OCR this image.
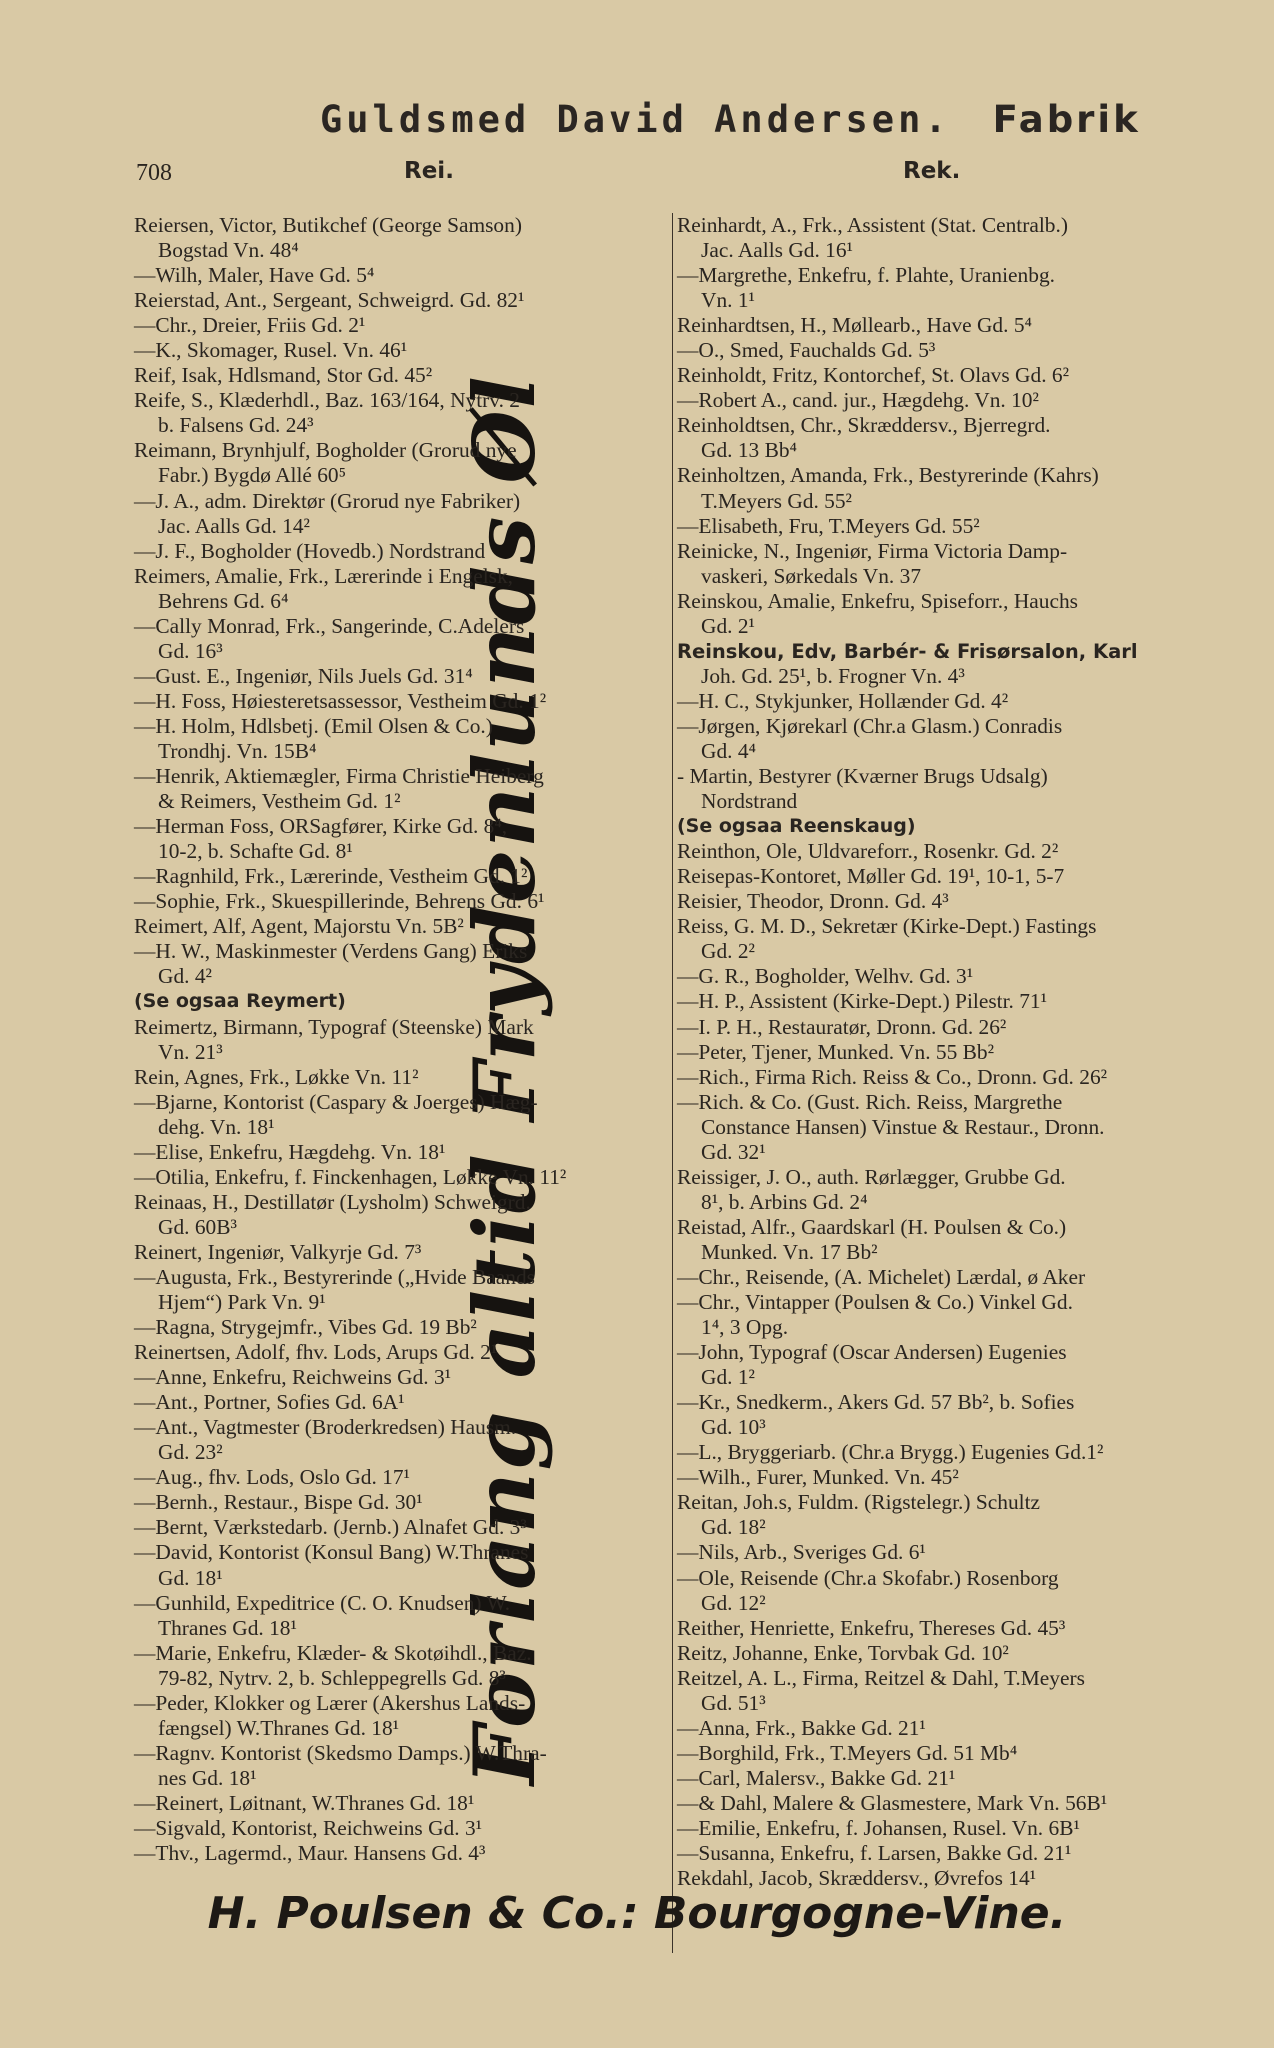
Guldsmed David Andersen. Fabrik
708	Rei.	Rek.
Forlang altid Frydenlunds Øl
Reiersen, Victor, Butikchef (George Samson)
Bogstad Vn. 48⁴
—Wilh, Maler, Have Gd. 5⁴
Reierstad, Ant., Sergeant, Schweigrd. Gd. 82¹
—Chr., Dreier, Friis Gd. 2¹
—K., Skomager, Rusel. Vn. 46¹
Reif, Isak, Hdlsmand, Stor Gd. 45²
Reife, S., Klæderhdl., Baz. 163/164, Nytrv. 2
b. Falsens Gd. 24³
Reimann, Brynhjulf, Bogholder (Grorud nye
Fabr.) Bygdø Allé 60⁵
—J. A., adm. Direktør (Grorud nye Fabriker)
Jac. Aalls Gd. 14²
—J. F., Bogholder (Hovedb.) Nordstrand
Reimers, Amalie, Frk., Lærerinde i Engelsk,
Behrens Gd. 6⁴
—Cally Monrad, Frk., Sangerinde, C.Adelers
Gd. 16³
—Gust. E., Ingeniør, Nils Juels Gd. 31⁴
—H. Foss, Høiesteretsassessor, Vestheim Gd. 1²
—H. Holm, Hdlsbetj. (Emil Olsen & Co.)
Trondhj. Vn. 15B⁴
—Henrik, Aktiemægler, Firma Christie Heiberg
& Reimers, Vestheim Gd. 1²
—Herman Foss, ORSagfører, Kirke Gd. 8⁴,
10-2, b. Schafte Gd. 8¹
—Ragnhild, Frk., Lærerinde, Vestheim Gd. 1²
—Sophie, Frk., Skuespillerinde, Behrens Gd. 6¹
Reimert, Alf, Agent, Majorstu Vn. 5B²
—H. W., Maskinmester (Verdens Gang) Eriks
Gd. 4²
(Se ogsaa Reymert)
Reimertz, Birmann, Typograf (Steenske) Mark
Vn. 21³
Rein, Agnes, Frk., Løkke Vn. 11²
—Bjarne, Kontorist (Caspary & Joerges) Hæg-
dehg. Vn. 18¹
—Elise, Enkefru, Hægdehg. Vn. 18¹
—Otilia, Enkefru, f. Finckenhagen, Løkke Vn. 11²
Reinaas, H., Destillatør (Lysholm) Schweigrd.
Gd. 60B³
Reinert, Ingeniør, Valkyrje Gd. 7³
—Augusta, Frk., Bestyrerinde („Hvide Baands
Hjem“) Park Vn. 9¹
—Ragna, Strygejmfr., Vibes Gd. 19 Bb²
Reinertsen, Adolf, fhv. Lods, Arups Gd. 2¹
—Anne, Enkefru, Reichweins Gd. 3¹
—Ant., Portner, Sofies Gd. 6A¹
—Ant., Vagtmester (Broderkredsen) Hausm.
Gd. 23²
—Aug., fhv. Lods, Oslo Gd. 17¹
—Bernh., Restaur., Bispe Gd. 30¹
—Bernt, Værkstedarb. (Jernb.) Alnafet Gd. 3³
—David, Kontorist (Konsul Bang) W.Thranes
Gd. 18¹
—Gunhild, Expeditrice (C. O. Knudsen) W.
Thranes Gd. 18¹
—Marie, Enkefru, Klæder- & Skotøihdl., Baz.
79-82, Nytrv. 2, b. Schleppegrells Gd. 8³
—Peder, Klokker og Lærer (Akershus Lands-
fængsel) W.Thranes Gd. 18¹
—Ragnv. Kontorist (Skedsmo Damps.) W.Thra-
nes Gd. 18¹
—Reinert, Løitnant, W.Thranes Gd. 18¹
—Sigvald, Kontorist, Reichweins Gd. 3¹
—Thv., Lagermd., Maur. Hansens Gd. 4³
Reinhardt, A., Frk., Assistent (Stat. Centralb.)
Jac. Aalls Gd. 16¹
—Margrethe, Enkefru, f. Plahte, Uranienbg.
Vn. 1¹
Reinhardtsen, H., Møllearb., Have Gd. 5⁴
—O., Smed, Fauchalds Gd. 5³
Reinholdt, Fritz, Kontorchef, St. Olavs Gd. 6²
—Robert A., cand. jur., Hægdehg. Vn. 10²
Reinholdtsen, Chr., Skræddersv., Bjerregrd.
Gd. 13 Bb⁴
Reinholtzen, Amanda, Frk., Bestyrerinde (Kahrs)
T.Meyers Gd. 55²
—Elisabeth, Fru, T.Meyers Gd. 55²
Reinicke, N., Ingeniør, Firma Victoria Damp-
vaskeri, Sørkedals Vn. 37
Reinskou, Amalie, Enkefru, Spiseforr., Hauchs
Gd. 2¹
Reinskou, Edv, Barbér- & Frisørsalon, Karl
Joh. Gd. 25¹, b. Frogner Vn. 4³
—H. C., Stykjunker, Hollænder Gd. 4²
—Jørgen, Kjørekarl (Chr.a Glasm.) Conradis
Gd. 4⁴
- Martin, Bestyrer (Kværner Brugs Udsalg)
Nordstrand
(Se ogsaa Reenskaug)
Reinthon, Ole, Uldvareforr., Rosenkr. Gd. 2²
Reisepas-Kontoret, Møller Gd. 19¹, 10-1, 5-7
Reisier, Theodor, Dronn. Gd. 4³
Reiss, G. M. D., Sekretær (Kirke-Dept.) Fastings
Gd. 2²
—G. R., Bogholder, Welhv. Gd. 3¹
—H. P., Assistent (Kirke-Dept.) Pilestr. 71¹
—I. P. H., Restauratør, Dronn. Gd. 26²
—Peter, Tjener, Munked. Vn. 55 Bb²
—Rich., Firma Rich. Reiss & Co., Dronn. Gd. 26²
—Rich. & Co. (Gust. Rich. Reiss, Margrethe
Constance Hansen) Vinstue & Restaur., Dronn.
Gd. 32¹
Reissiger, J. O., auth. Rørlægger, Grubbe Gd.
8¹, b. Arbins Gd. 2⁴
Reistad, Alfr., Gaardskarl (H. Poulsen & Co.)
Munked. Vn. 17 Bb²
—Chr., Reisende, (A. Michelet) Lærdal, ø Aker
—Chr., Vintapper (Poulsen & Co.) Vinkel Gd.
1⁴, 3 Opg.
—John, Typograf (Oscar Andersen) Eugenies
Gd. 1²
—Kr., Snedkerm., Akers Gd. 57 Bb², b. Sofies
Gd. 10³
—L., Bryggeriarb. (Chr.a Brygg.) Eugenies Gd.1²
—Wilh., Furer, Munked. Vn. 45²
Reitan, Joh.s, Fuldm. (Rigstelegr.) Schultz
Gd. 18²
—Nils, Arb., Sveriges Gd. 6¹
—Ole, Reisende (Chr.a Skofabr.) Rosenborg
Gd. 12²
Reither, Henriette, Enkefru, Thereses Gd. 45³
Reitz, Johanne, Enke, Torvbak Gd. 10²
Reitzel, A. L., Firma, Reitzel & Dahl, T.Meyers
Gd. 51³
—Anna, Frk., Bakke Gd. 21¹
—Borghild, Frk., T.Meyers Gd. 51 Mb⁴
—Carl, Malersv., Bakke Gd. 21¹
—& Dahl, Malere & Glasmestere, Mark Vn. 56B¹
—Emilie, Enkefru, f. Johansen, Rusel. Vn. 6B¹
—Susanna, Enkefru, f. Larsen, Bakke Gd. 21¹
Rekdahl, Jacob, Skræddersv., Øvrefos 14¹
H. Poulsen & Co.: Bourgogne-Vine.
